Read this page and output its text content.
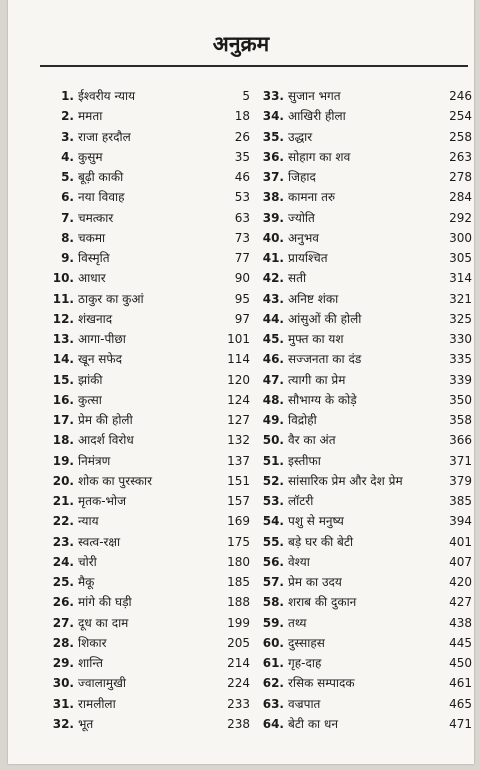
अनुक्रम
1. ईश्वरीय न्याय	5
2. ममता	18
3. राजा हरदौल	26
4. कुसुम	35
5. बूढ़ी काकी	46
6. नया विवाह	53
7. चमत्कार	63
8. चकमा	73
9. विस्मृति	77
10. आधार	90
11. ठाकुर का कुआं	95
12. शंखनाद	97
13. आगा-पीछा	101
14. खून सफेद	114
15. झांकी	120
16. कुत्सा	124
17. प्रेम की होली	127
18. आदर्श विरोध	132
19. निमंत्रण	137
20. शोक का पुरस्कार	151
21. मृतक-भोज	157
22. न्याय	169
23. स्वत्व-रक्षा	175
24. चोरी	180
25. मैकू	185
26. मांगे की घड़ी	188
27. दूध का दाम	199
28. शिकार	205
29. शान्ति	214
30. ज्वालामुखी	224
31. रामलीला	233
32. भूत	238
33. सुजान भगत	246
34. आखिरी हीला	254
35. उद्धार	258
36. सोहाग का शव	263
37. जिहाद	278
38. कामना तरु	284
39. ज्योति	292
40. अनुभव	300
41. प्रायश्चित	305
42. सती	314
43. अनिष्ट शंका	321
44. आंसुओं की होली	325
45. मुफ्त का यश	330
46. सज्जनता का दंड	335
47. त्यागी का प्रेम	339
48. सौभाग्य के कोड़े	350
49. विद्रोही	358
50. वैर का अंत	366
51. इस्तीफा	371
52. सांसारिक प्रेम और देश प्रेम	379
53. लॉटरी	385
54. पशु से मनुष्य	394
55. बड़े घर की बेटी	401
56. वेश्या	407
57. प्रेम का उदय	420
58. शराब की दुकान	427
59. तथ्य	438
60. दुस्साहस	445
61. गृह-दाह	450
62. रसिक सम्पादक	461
63. वज्रपात	465
64. बेटी का धन	471
